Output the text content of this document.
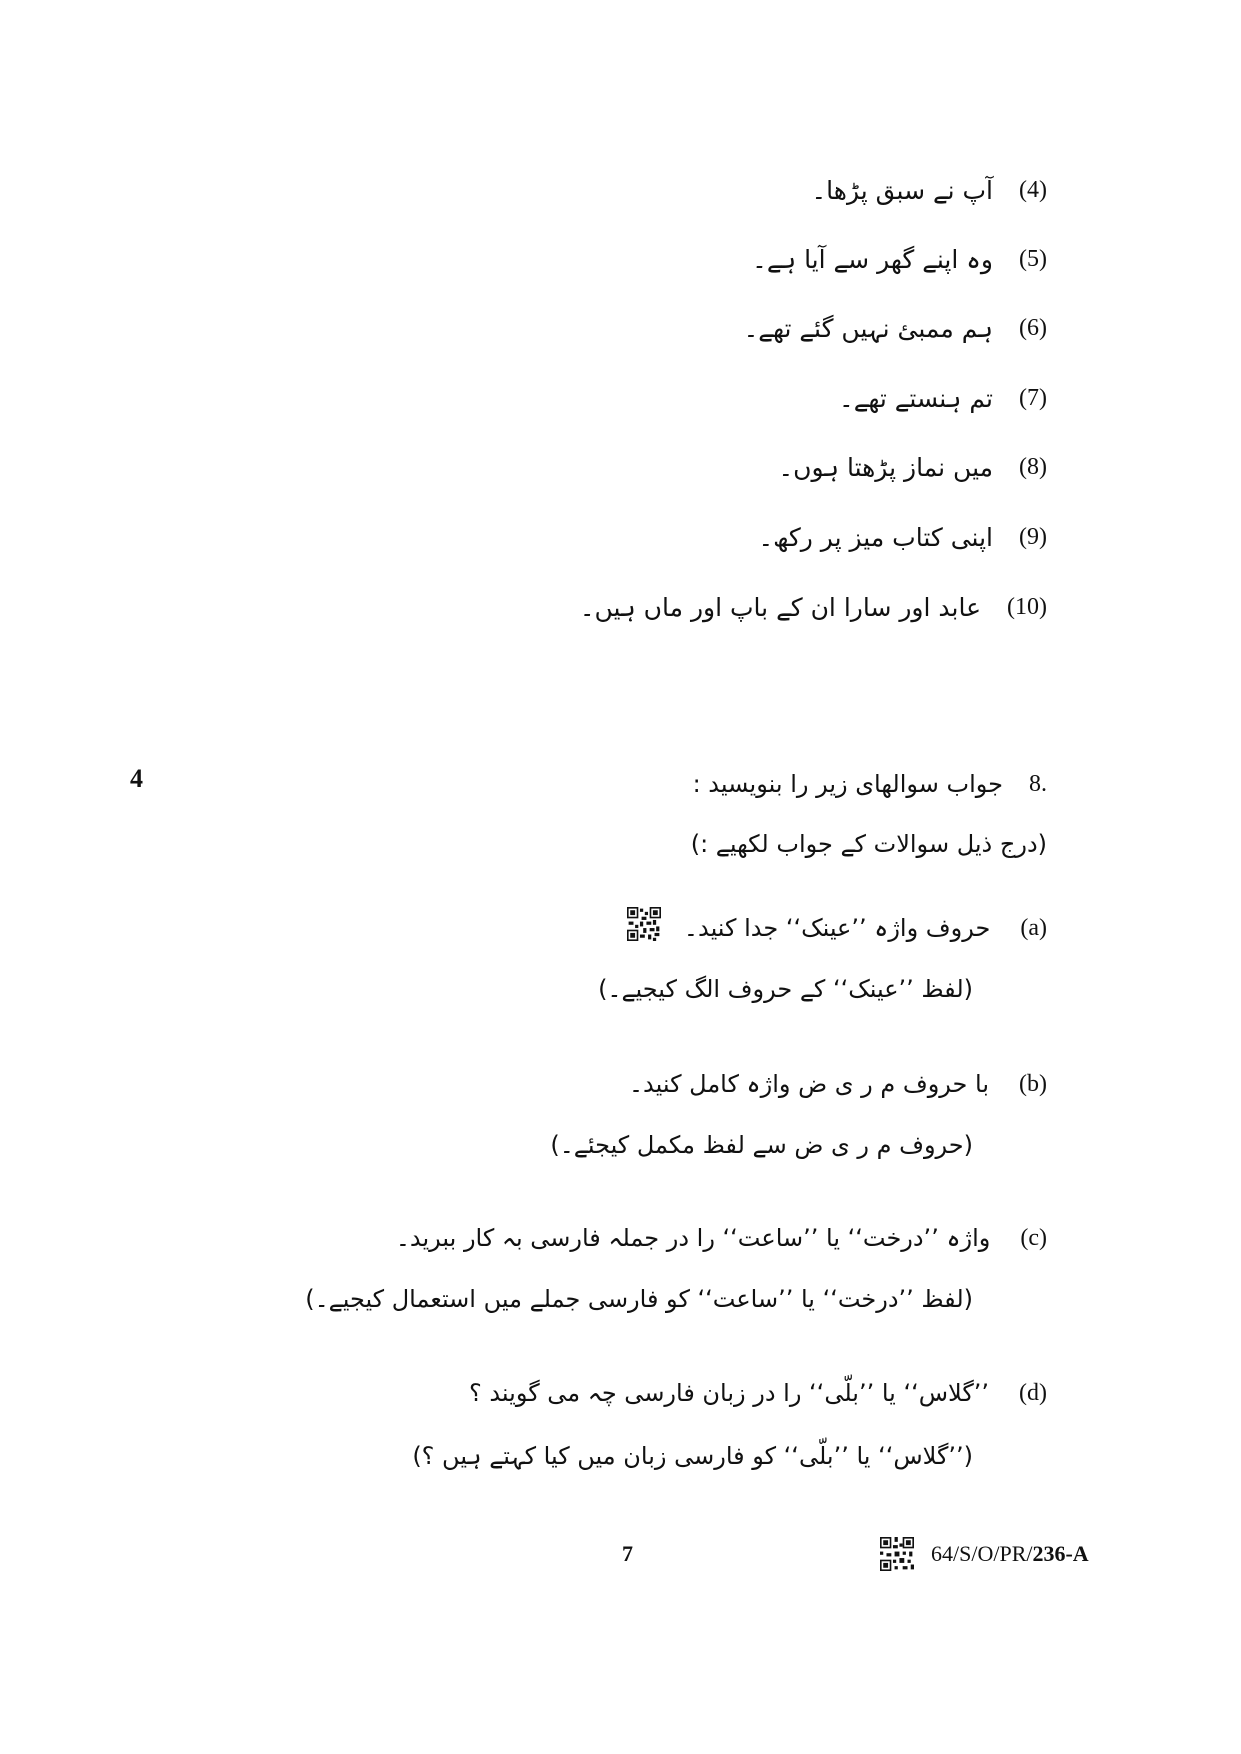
(4)
آپ نے سبق پڑھا۔
(5)
وہ اپنے گھر سے آیا ہے۔
(6)
ہم ممبئ نہیں گئے تھے۔
(7)
تم ہنستے تھے۔
(8)
میں نماز پڑھتا ہوں۔
(9)
اپنی کتاب میز پر رکھ۔
(10)
عابد اور سارا ان کے باپ اور ماں ہیں۔
4	8.
جواب سوالھای زیر را بنویسید :
(درج ذیل سوالات کے جواب لکھیے :)
(a)
حروف واژہ ’’عینک‘‘ جدا کنید۔
(لفظ ’’عینک‘‘ کے حروف الگ کیجیے۔)
(b)
با حروف م ر ی ض واژہ کامل کنید۔
(حروف م ر ی ض سے لفظ مکمل کیجئے۔)
(c)
واژہ ’’درخت‘‘ یا ’’ساعت‘‘ را در جملہ فارسی بہ کار ببرید۔
(لفظ ’’درخت‘‘ یا ’’ساعت‘‘ کو فارسی جملے میں استعمال کیجیے۔)
(d)
’’گلاس‘‘ یا ’’بلّی‘‘ را در زبان فارسی چہ می گویند ؟
(’’گلاس‘‘ یا ’’بلّی‘‘ کو فارسی زبان میں کیا کہتے ہیں ؟)
7	64/S/O/PR/236-A
